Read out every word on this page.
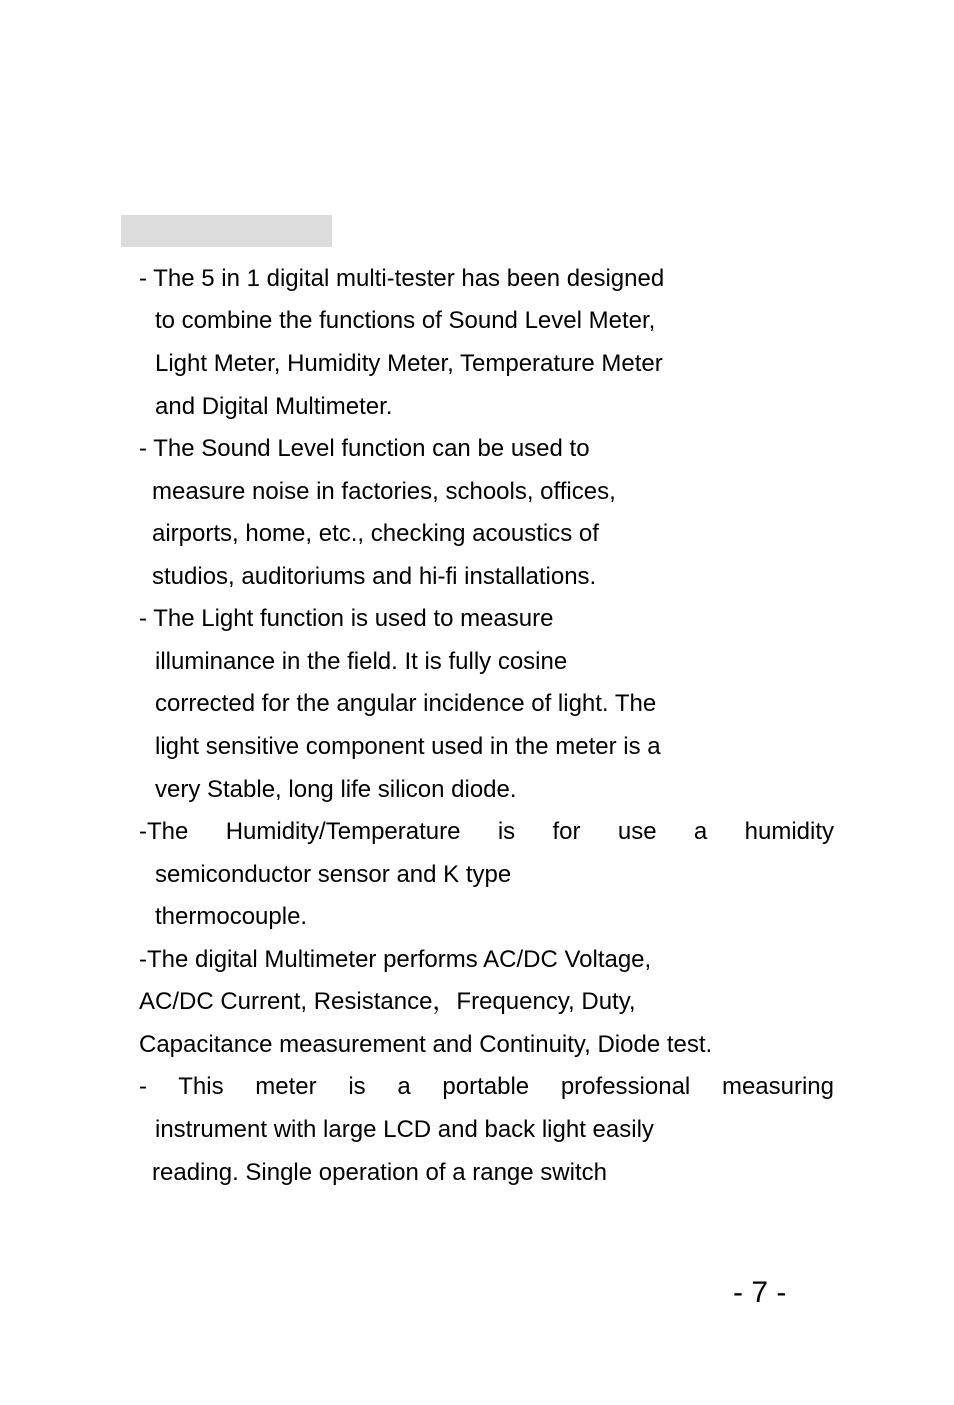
- The 5 in 1 digital multi-tester has been designed
to combine the functions of Sound Level Meter,
Light Meter, Humidity Meter, Temperature Meter
and Digital Multimeter.
- The Sound Level function can be used to
measure noise in factories, schools, offices,
airports, home, etc., checking acoustics of
studios, auditoriums and hi-fi installations.
- The Light function is used to measure
illuminance in the field. It is fully cosine
corrected for the angular incidence of light. The
light sensitive component used in the meter is a
very Stable, long life silicon diode.
-The Humidity/Temperature is for use a humidity
semiconductor sensor and K type
thermocouple.
-The digital Multimeter performs AC/DC Voltage,
AC/DC Current, Resistance，Frequency, Duty,
Capacitance measurement and Continuity, Diode test.
- This meter is a portable professional measuring
instrument with large LCD and back light easily
reading. Single operation of a range switch
- 7 -
